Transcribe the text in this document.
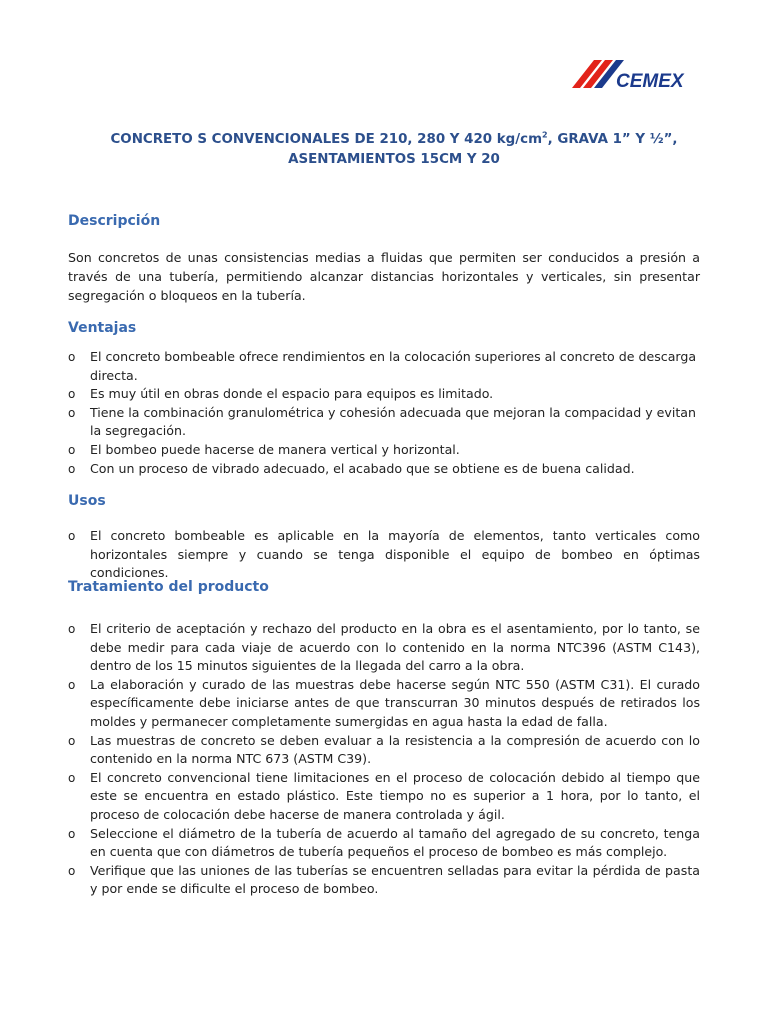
CEMEX
CONCRETO S CONVENCIONALES DE 210, 280 Y 420 $kg/cm^2$, GRAVA 1” Y ½”,
ASENTAMIENTOS 15CM Y 20
Descripción
Son concretos de unas consistencias medias a fluidas que permiten ser conducidos a presión a través de una tubería, permitiendo alcanzar distancias horizontales y verticales, sin presentar segregación o bloqueos en la tubería.
Ventajas
o El concreto bombeable ofrece rendimientos en la colocación superiores al concreto de descarga directa.
o Es muy útil en obras donde el espacio para equipos es limitado.
o Tiene la combinación granulométrica y cohesión adecuada que mejoran la compacidad y evitan la segregación.
o El bombeo puede hacerse de manera vertical y horizontal.
o Con un proceso de vibrado adecuado, el acabado que se obtiene es de buena calidad.
Usos
o El concreto bombeable es aplicable en la mayoría de elementos, tanto verticales como horizontales siempre y cuando se tenga disponible el equipo de bombeo en óptimas condiciones.
Tratamiento del producto
o El criterio de aceptación y rechazo del producto en la obra es el asentamiento, por lo tanto, se debe medir para cada viaje de acuerdo con lo contenido en la norma NTC396 (ASTM C143), dentro de los 15 minutos siguientes de la llegada del carro a la obra.
o La elaboración y curado de las muestras debe hacerse según NTC 550 (ASTM C31). El curado específicamente debe iniciarse antes de que transcurran 30 minutos después de retirados los moldes y permanecer completamente sumergidas en agua hasta la edad de falla.
o Las muestras de concreto se deben evaluar a la resistencia a la compresión de acuerdo con lo contenido en la norma NTC 673 (ASTM C39).
o El concreto convencional tiene limitaciones en el proceso de colocación debido al tiempo que este se encuentra en estado plástico. Este tiempo no es superior a 1 hora, por lo tanto, el proceso de colocación debe hacerse de manera controlada y ágil.
o Seleccione el diámetro de la tubería de acuerdo al tamaño del agregado de su concreto, tenga en cuenta que con diámetros de tubería pequeños el proceso de bombeo es más complejo.
o Verifique que las uniones de las tuberías se encuentren selladas para evitar la pérdida de pasta y por ende se dificulte el proceso de bombeo.
